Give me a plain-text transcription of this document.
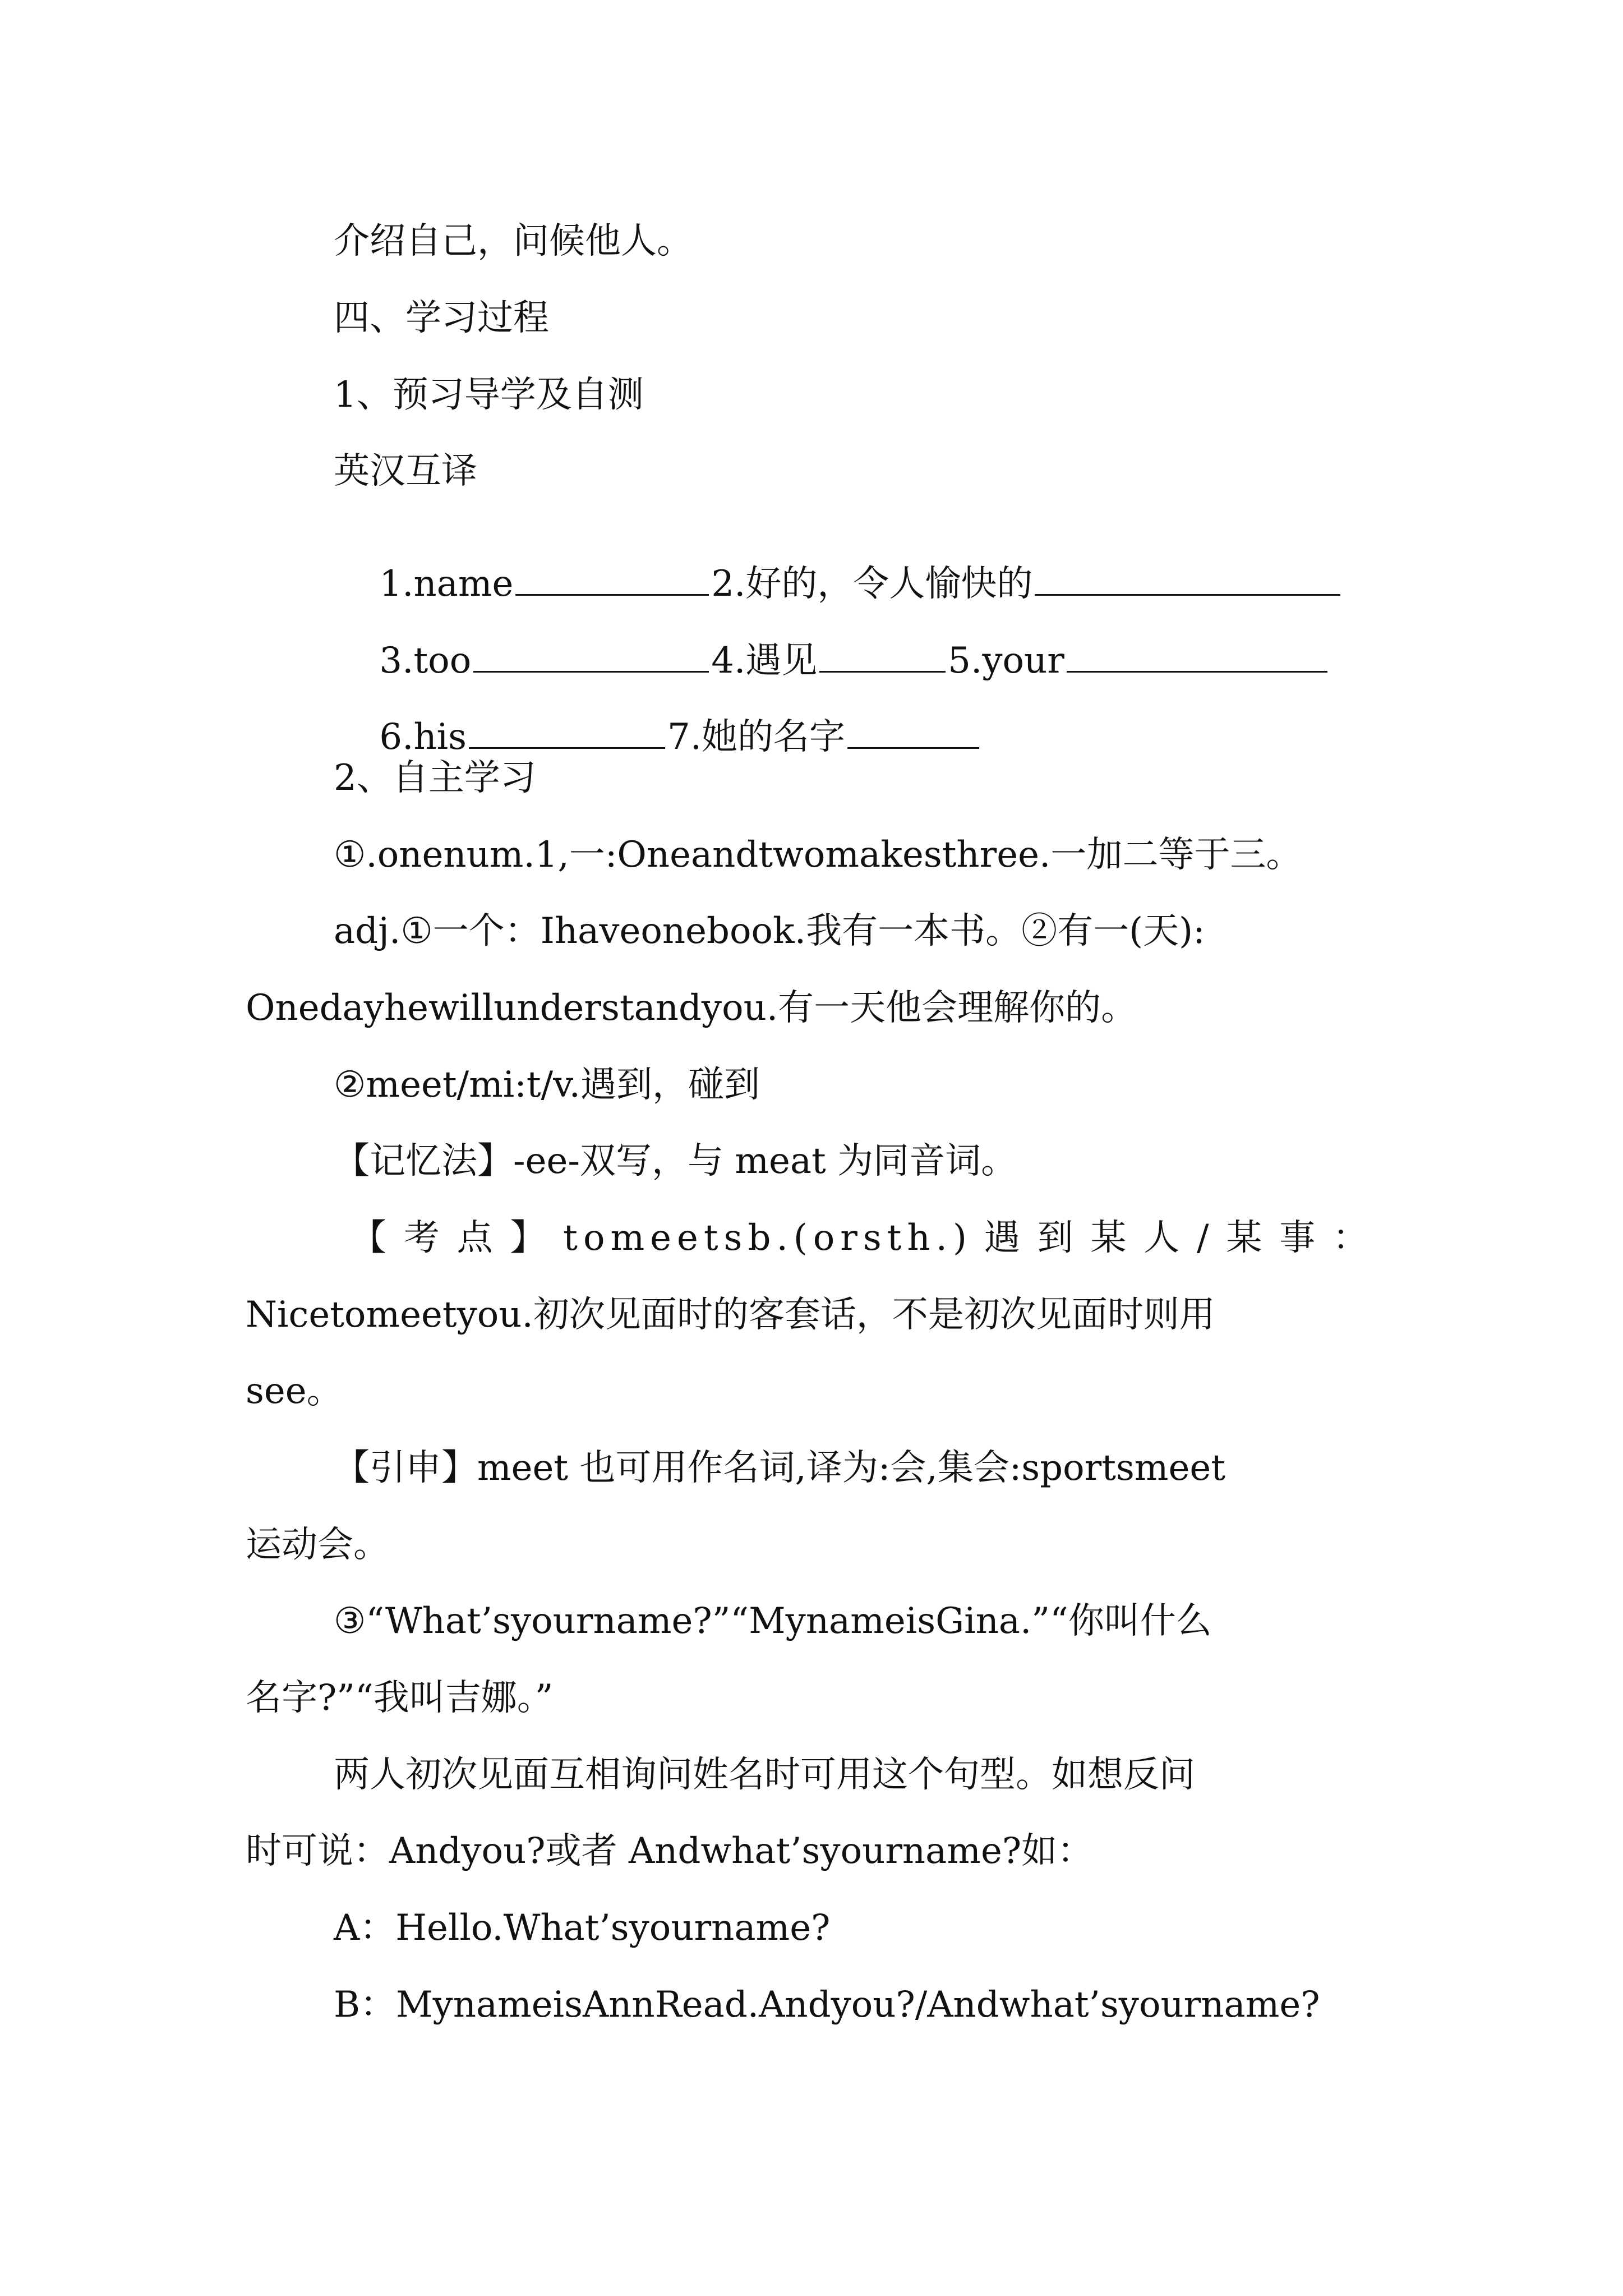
介绍自己，问候他人。
四、学习过程
1、预习导学及自测
英汉互译

1.name	2.好的，令人愉快的

3.too	4.遇见	5.your

6.his	7.她的名字

2、自主学习
①.onenum.1,一:Oneandtwomakesthree.一加二等于三。
adj.①一个：Ihaveonebook.我有一本书。②有一(天):
Onedayhewillunderstandyou.有一天他会理解你的。
②meet/mi:t/v.遇到，碰到
【记忆法】-ee-双写，与 meat 为同音词。
【考点】tomeetsb.(orsth.)遇到某人/某事：
Nicetomeetyou.初次见面时的客套话，不是初次见面时则用
see。
【引申】meet 也可用作名词,译为:会,集会:sportsmeet
运动会。
③“What’syourname?”“MynameisGina.”“你叫什么
名字?”“我叫吉娜。”
两人初次见面互相询问姓名时可用这个句型。如想反问
时可说：Andyou?或者 Andwhat’syourname?如：
A：Hello.What’syourname?
B：MynameisAnnRead.Andyou?/Andwhat’syourname?
